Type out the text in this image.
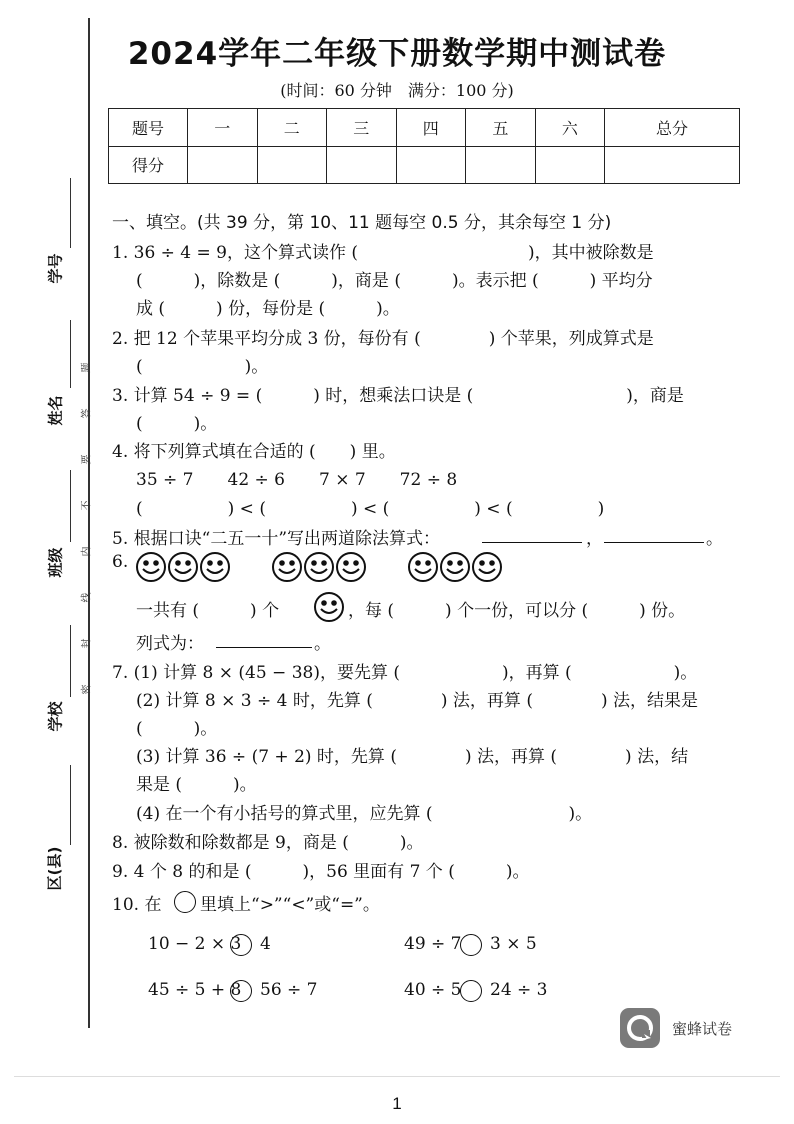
学号
姓名
班级
学校
区(县)
题
答
要
不
内
线
封
密
2024学年二年级下册数学期中测试卷
(时间：60 分钟　满分：100 分)
题号	一	二	三	四	五	六	总分
得分							
一、填空。(共 39 分，第 10、11 题每空 0.5 分，其余每空 1 分)
1. 36 ÷ 4 = 9，这个算式读作 (　　　　　　　　　　)，其中被除数是
(　　　)，除数是 (　　　)，商是 (　　　)。表示把 (　　　) 平均分
成 (　　　) 份，每份是 (　　　)。
2. 把 12 个苹果平均分成 3 份，每份有 (　　　　) 个苹果，列成算式是
(　　　　　　)。
3. 计算 54 ÷ 9 = (　　　) 时，想乘法口诀是 (　　　　　　　　　)，商是
(　　　)。
4. 将下列算式填在合适的 (　　) 里。
35 ÷ 7　　42 ÷ 6　　7 × 7　　72 ÷ 8
(　　　　　) < (　　　　　) < (　　　　　) < (　　　　　)
5. 根据口诀“二五一十”写出两道除法算式：	，	。
6.
一共有 (　　　) 个	，每 (　　　) 个一份，可以分 (　　　) 份。
列式为：	。
7. (1) 计算 8 × (45 − 38)，要先算 (　　　　　　)，再算 (　　　　　　)。
(2) 计算 8 × 3 ÷ 4 时，先算 (　　　　) 法，再算 (　　　　) 法，结果是
(　　　)。
(3) 计算 36 ÷ (7 + 2) 时，先算 (　　　　) 法，再算 (　　　　) 法，结
果是 (　　　)。
(4) 在一个有小括号的算式里，应先算 (　　　　　　　　)。
8. 被除数和除数都是 9，商是 (　　　)。
9. 4 个 8 的和是 (　　　)，56 里面有 7 个 (　　　)。
10. 在 里填上“>”“<”或“=”。
10 − 2 × 3 4	49 ÷ 7 3 × 5
45 ÷ 5 + 8 56 ÷ 7	40 ÷ 5 24 ÷ 3
蜜蜂试卷
1
